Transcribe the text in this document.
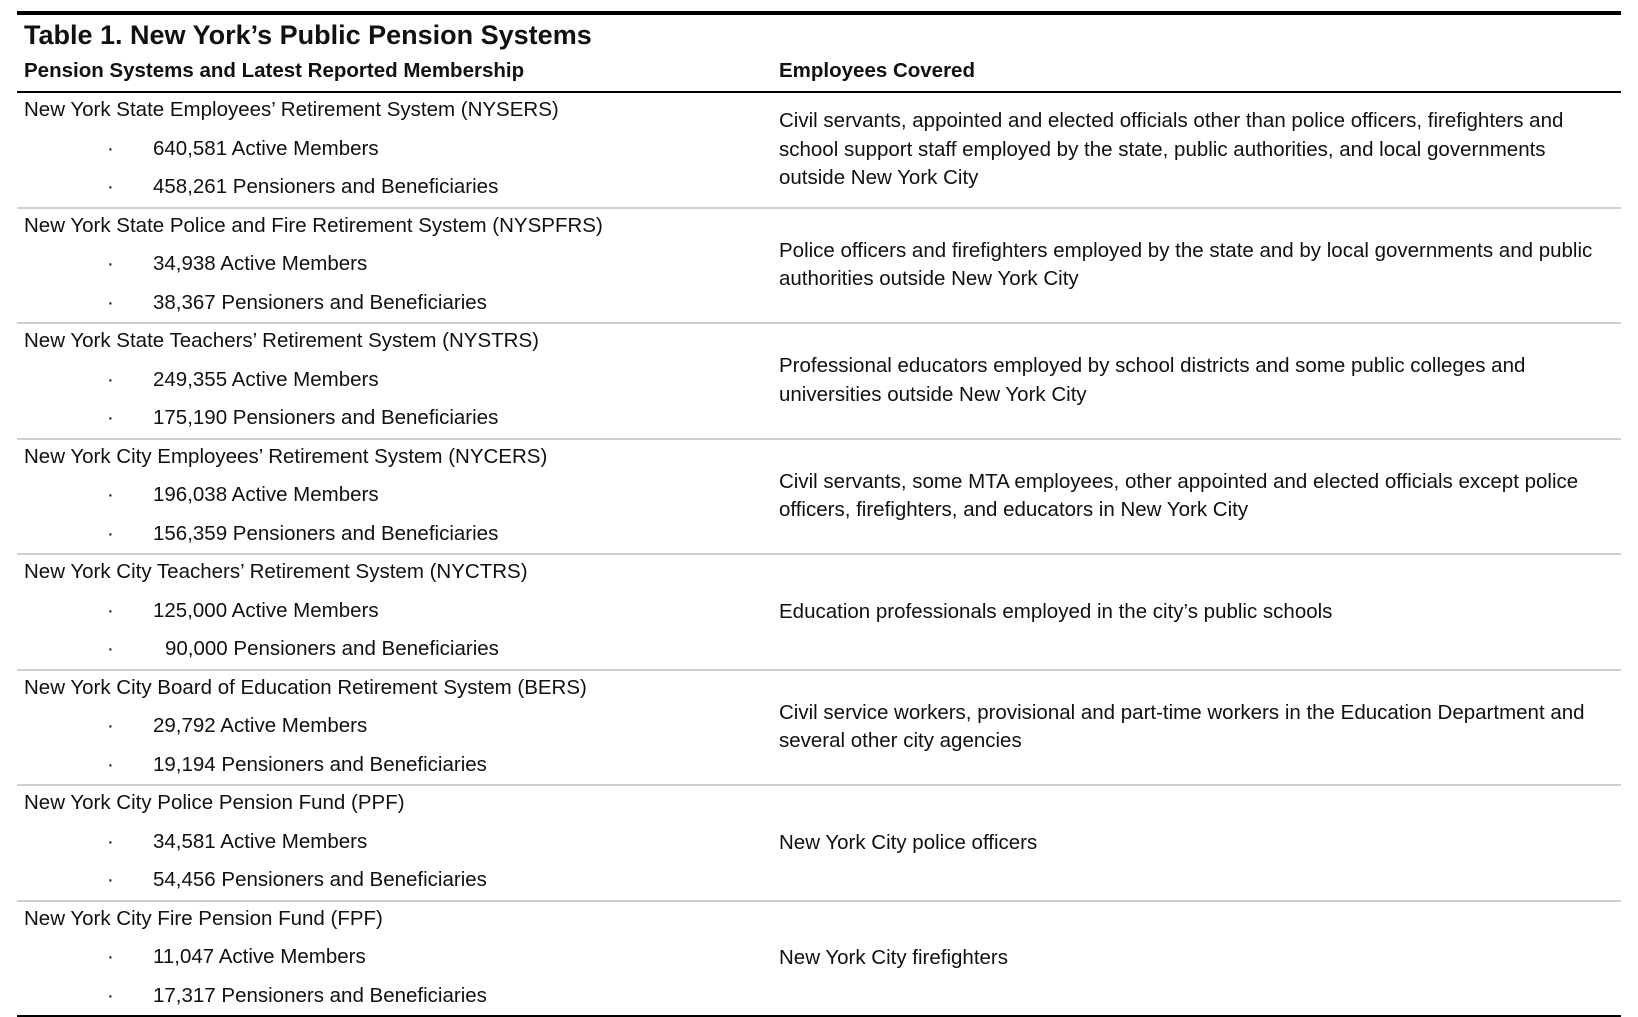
Table 1. New York’s Public Pension Systems
Pension Systems and Latest Reported Membership	Employees Covered
New York State Employees’ Retirement System (NYSERS)
· 640,581 Active Members
· 458,261 Pensioners and Beneficiaries
Civil servants, appointed and elected officials other than police officers, firefighters and school support staff employed by the state, public authorities, and local governments outside New York City
New York State Police and Fire Retirement System (NYSPFRS)
· 34,938 Active Members
· 38,367 Pensioners and Beneficiaries
Police officers and firefighters employed by the state and by local governments and public authorities outside New York City
New York State Teachers’ Retirement System (NYSTRS)
· 249,355 Active Members
· 175,190 Pensioners and Beneficiaries
Professional educators employed by school districts and some public colleges and universities outside New York City
New York City Employees’ Retirement System (NYCERS)
· 196,038 Active Members
· 156,359 Pensioners and Beneficiaries
Civil servants, some MTA employees, other appointed and elected officials except police officers, firefighters, and educators in New York City
New York City Teachers’ Retirement System (NYCTRS)
· 125,000 Active Members
· 90,000 Pensioners and Beneficiaries
Education professionals employed in the city’s public schools
New York City Board of Education Retirement System (BERS)
· 29,792 Active Members
· 19,194 Pensioners and Beneficiaries
Civil service workers, provisional and part-time workers in the Education Department and several other city agencies
New York City Police Pension Fund (PPF)
· 34,581 Active Members
· 54,456 Pensioners and Beneficiaries
New York City police officers
New York City Fire Pension Fund (FPF)
· 11,047 Active Members
· 17,317 Pensioners and Beneficiaries
New York City firefighters
